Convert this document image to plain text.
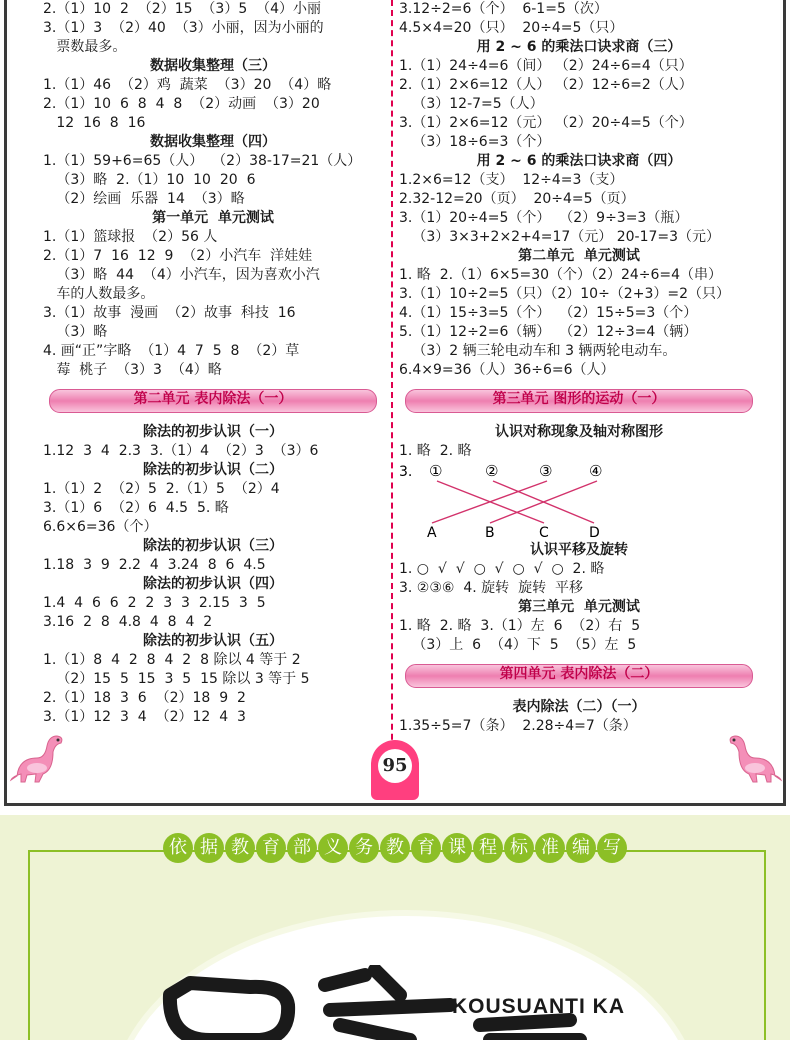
2.（1）10  2  （2）15  （3）5  （4）小丽
3.（1）3  （2）40  （3）小丽，因为小丽的
票数最多。
数据收集整理（三）
1.（1）46  （2）鸡  蔬菜  （3）20  （4）略
2.（1）10  6  8  4  8  （2）动画  （3）20
12  16  8  16
数据收集整理（四）
1.（1）59+6=65（人）  （2）38-17=21（人）
（3）略  2.（1）10  10  20  6
（2）绘画  乐器  14  （3）略
第一单元  单元测试
1.（1）篮球报  （2）56 人
2.（1）7  16  12  9  （2）小汽车  洋娃娃
（3）略  44  （4）小汽车，因为喜欢小汽
车的人数最多。
3.（1）故事  漫画  （2）故事  科技  16
（3）略
4. 画“正”字略  （1）4  7  5  8  （2）草
莓  桃子  （3）3  （4）略
第二单元 表内除法（一）
除法的初步认识（一）
1.12  3  4  2.3  3.（1）4  （2）3  （3）6
除法的初步认识（二）
1.（1）2  （2）5  2.（1）5  （2）4
3.（1）6  （2）6  4.5  5. 略
6.6×6=36（个）
除法的初步认识（三）
1.18  3  9  2.2  4  3.24  8  6  4.5
除法的初步认识（四）
1.4  4  6  6  2  2  3  3  2.15  3  5
3.16  2  8  4.8  4  8  4  2
除法的初步认识（五）
1.（1）8  4  2  8  4  2  8 除以 4 等于 2
（2）15  5  15  3  5  15 除以 3 等于 5
2.（1）18  3  6  （2）18  9  2
3.（1）12  3  4  （2）12  4  3
3.12÷2=6（个）  6-1=5（次）
4.5×4=20（只）  20÷4=5（只）
用 2 ~ 6 的乘法口诀求商（三）
1.（1）24÷4=6（间） （2）24÷6=4（只）
2.（1）2×6=12（人） （2）12÷6=2（人）
（3）12-7=5（人）
3.（1）2×6=12（元） （2）20÷4=5（个）
（3）18÷6=3（个）
用 2 ~ 6 的乘法口诀求商（四）
1.2×6=12（支）  12÷4=3（支）
2.32-12=20（页）  20÷4=5（页）
3.（1）20÷4=5（个）  （2）9÷3=3（瓶）
（3）3×3+2×2+4=17（元） 20-17=3（元）
第二单元  单元测试
1. 略  2.（1）6×5=30（个）（2）24÷6=4（串）
3.（1）10÷2=5（只）（2）10÷（2+3）=2（只）
4.（1）15÷3=5（个）  （2）15÷5=3（个）
5.（1）12÷2=6（辆）  （2）12÷3=4（辆）
（3）2 辆三轮电动车和 3 辆两轮电动车。
6.4×9=36（人）36÷6=6（人）
第三单元 图形的运动（一）
认识对称现象及轴对称图形
1. 略  2. 略
3. ①	②	③ ④
A	B	C	D
认识平移及旋转
1. ○  √  √  ○  √  ○  √  ○  2. 略
3. ②③⑥  4. 旋转  旋转  平移
第三单元  单元测试
1. 略  2. 略  3.（1）左  6  （2）右  5
（3）上  6  （4）下  5  （5）左  5
第四单元 表内除法（二）
表内除法（二）（一）
1.35÷5=7（条）  2.28÷4=7（条）
95
依 据 教 育 部 义 务 教 育 课 程 标 准 编 写
KOUSUANTI KA
